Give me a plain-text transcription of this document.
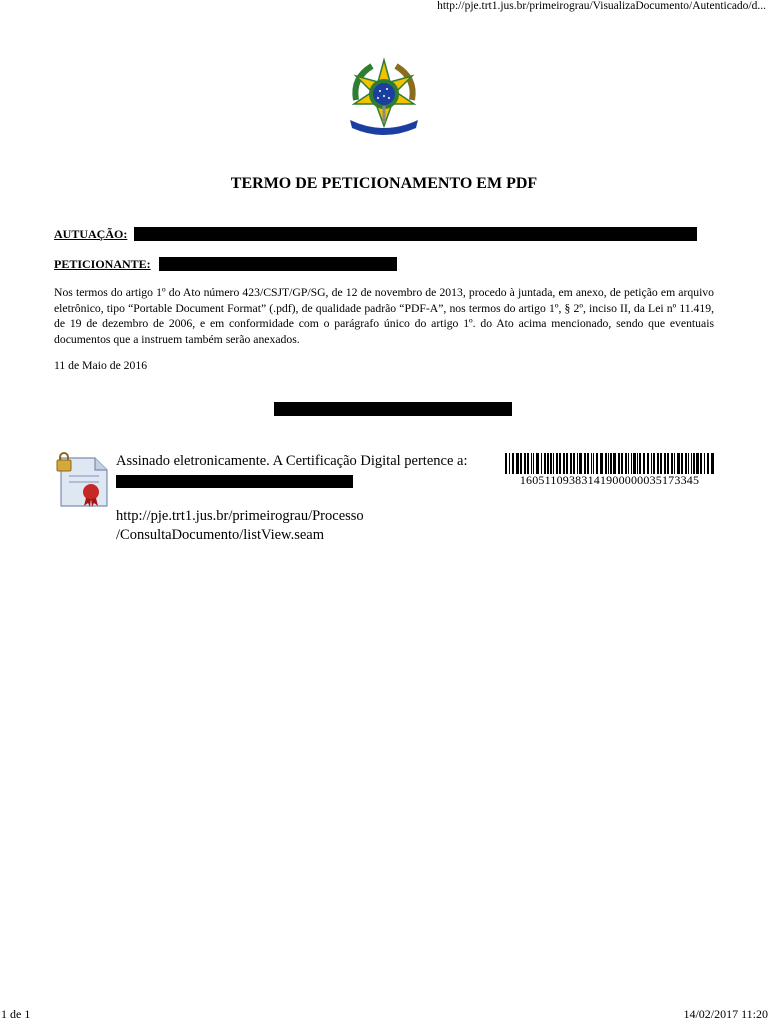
http://pje.trt1.jus.br/primeirograu/VisualizaDocumento/Autenticado/d...
TERMO DE PETICIONAMENTO EM PDF
AUTUAÇÃO:
PETICIONANTE:
Nos termos do artigo 1º do Ato número 423/CSJT/GP/SG, de 12 de novembro de 2013, procedo à juntada, em anexo, de petição em arquivo eletrônico, tipo “Portable Document Format” (.pdf), de qualidade padrão “PDF-A”, nos termos do artigo 1º, § 2º, inciso II, da Lei nº 11.419, de 19 de dezembro de 2006, e em conformidade com o parágrafo único do artigo 1º. do Ato acima mencionado, sendo que eventuais documentos que a instruem também serão anexados.
11 de Maio de 2016
Assinado eletronicamente. A Certificação Digital pertence a:
16051109383141900000035173345
http://pje.trt1.jus.br/primeirograu/Processo
/ConsultaDocumento/listView.seam
1 de 1	14/02/2017 11:20
